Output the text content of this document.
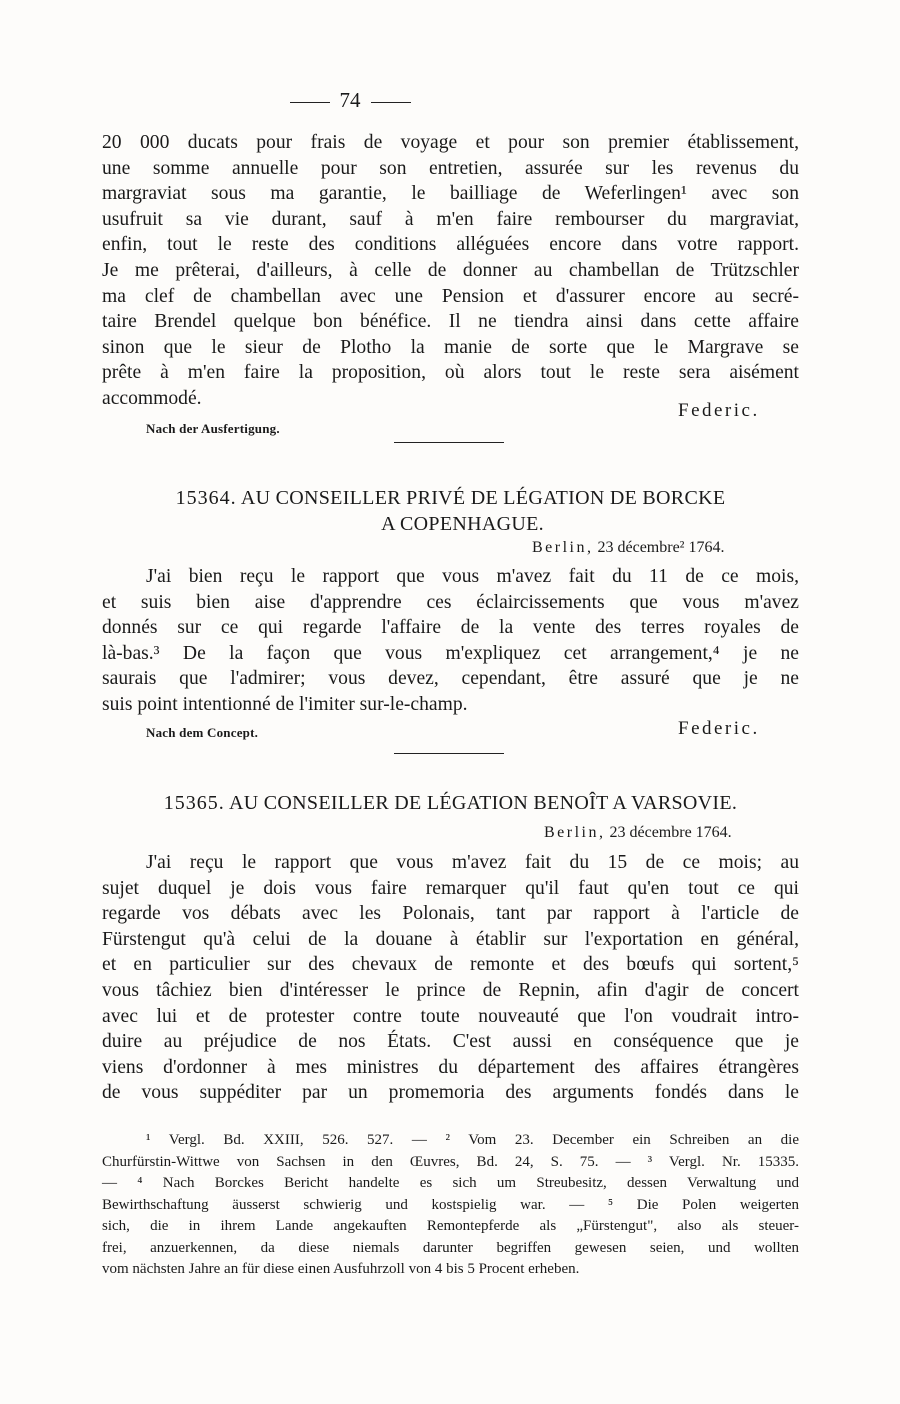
74
20 000 ducats pour frais de voyage et pour son premier établissement,
une somme annuelle pour son entretien, assurée sur les revenus du
margraviat sous ma garantie, le bailliage de Weferlingen¹ avec son
usufruit sa vie durant, sauf à m'en faire rembourser du margraviat,
enfin, tout le reste des conditions alléguées encore dans votre rapport.
Je me prêterai, d'ailleurs, à celle de donner au chambellan de Trützschler
ma clef de chambellan avec une Pension et d'assurer encore au secré-
taire Brendel quelque bon bénéfice. Il ne tiendra ainsi dans cette affaire
sinon que le sieur de Plotho la manie de sorte que le Margrave se
prête à m'en faire la proposition, où alors tout le reste sera aisément
accommodé.
Federic.
Nach der Ausfertigung.
15364. AU CONSEILLER PRIVÉ DE LÉGATION DE BORCKE
A COPENHAGUE.
Berlin, 23 décembre² 1764.
J'ai bien reçu le rapport que vous m'avez fait du 11 de ce mois,
et suis bien aise d'apprendre ces éclaircissements que vous m'avez
donnés sur ce qui regarde l'affaire de la vente des terres royales de
là-bas.³ De la façon que vous m'expliquez cet arrangement,⁴ je ne
saurais que l'admirer; vous devez, cependant, être assuré que je ne
suis point intentionné de l'imiter sur-le-champ.
Nach dem Concept.	Federic.
15365. AU CONSEILLER DE LÉGATION BENOÎT A VARSOVIE.
Berlin, 23 décembre 1764.
J'ai reçu le rapport que vous m'avez fait du 15 de ce mois; au
sujet duquel je dois vous faire remarquer qu'il faut qu'en tout ce qui
regarde vos débats avec les Polonais, tant par rapport à l'article de
Fürstengut qu'à celui de la douane à établir sur l'exportation en général,
et en particulier sur des chevaux de remonte et des bœufs qui sortent,⁵
vous tâchiez bien d'intéresser le prince de Repnin, afin d'agir de concert
avec lui et de protester contre toute nouveauté que l'on voudrait intro-
duire au préjudice de nos États. C'est aussi en conséquence que je
viens d'ordonner à mes ministres du département des affaires étrangères
de vous suppéditer par un promemoria des arguments fondés dans le
¹ Vergl. Bd. XXIII, 526. 527. — ² Vom 23. December ein Schreiben an die
Churfürstin-Wittwe von Sachsen in den Œuvres, Bd. 24, S. 75. — ³ Vergl. Nr. 15335.
— ⁴ Nach Borckes Bericht handelte es sich um Streubesitz, dessen Verwaltung und
Bewirthschaftung äusserst schwierig und kostspielig war. — ⁵ Die Polen weigerten
sich, die in ihrem Lande angekauften Remontepferde als „Fürstengut", also als steuer-
frei, anzuerkennen, da diese niemals darunter begriffen gewesen seien, und wollten
vom nächsten Jahre an für diese einen Ausfuhrzoll von 4 bis 5 Procent erheben.
